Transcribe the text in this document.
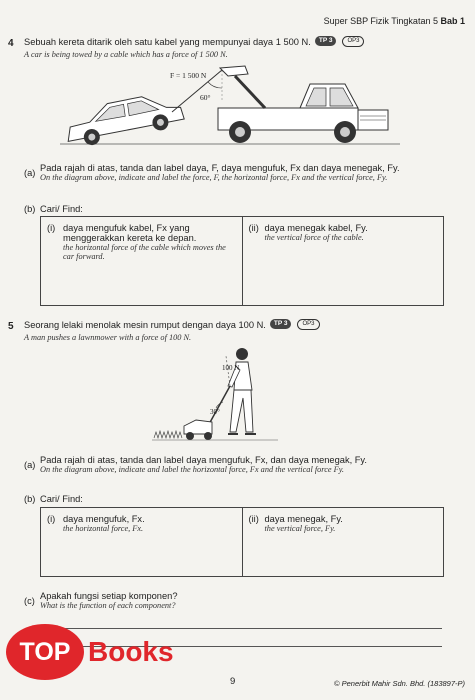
Super SBP Fizik Tingkatan 5 Bab 1
4 Sebuah kereta ditarik oleh satu kabel yang mempunyai daya 1 500 N. TP 3	OP3
A car is being towed by a cable which has a force of 1 500 N.
F = 1 500 N
60°
(a) Pada rajah di atas, tanda dan label daya, F, daya mengufuk, Fx dan daya menegak, Fy.
On the diagram above, indicate and label the force, F, the horizontal force, Fx and the vertical force, Fy.
(b) Cari/ Find:
(i) daya mengufuk kabel, Fx yang menggerakkan kereta ke depan.
the horizontal force of the cable which moves the car forward.
(ii) daya menegak kabel, Fy.
the vertical force of the cable.
5 Seorang lelaki menolak mesin rumput dengan daya 100 N. TP 3	OP3
A man pushes a lawnmower with a force of 100 N.
100 N
30°
(a) Pada rajah di atas, tanda dan label daya mengufuk, Fx, dan daya menegak, Fy.
On the diagram above, indicate and label the horizontal force, Fx and the vertical force Fy.
(b) Cari/ Find:
(i) daya mengufuk, Fx.
the horizontal force, Fx.
(ii) daya menegak, Fy.
the vertical force, Fy.
(c) Apakah fungsi setiap komponen?
What is the function of each component?
TOP Books
9	© Penerbit Mahir Sdn. Bhd. (183897-P)
